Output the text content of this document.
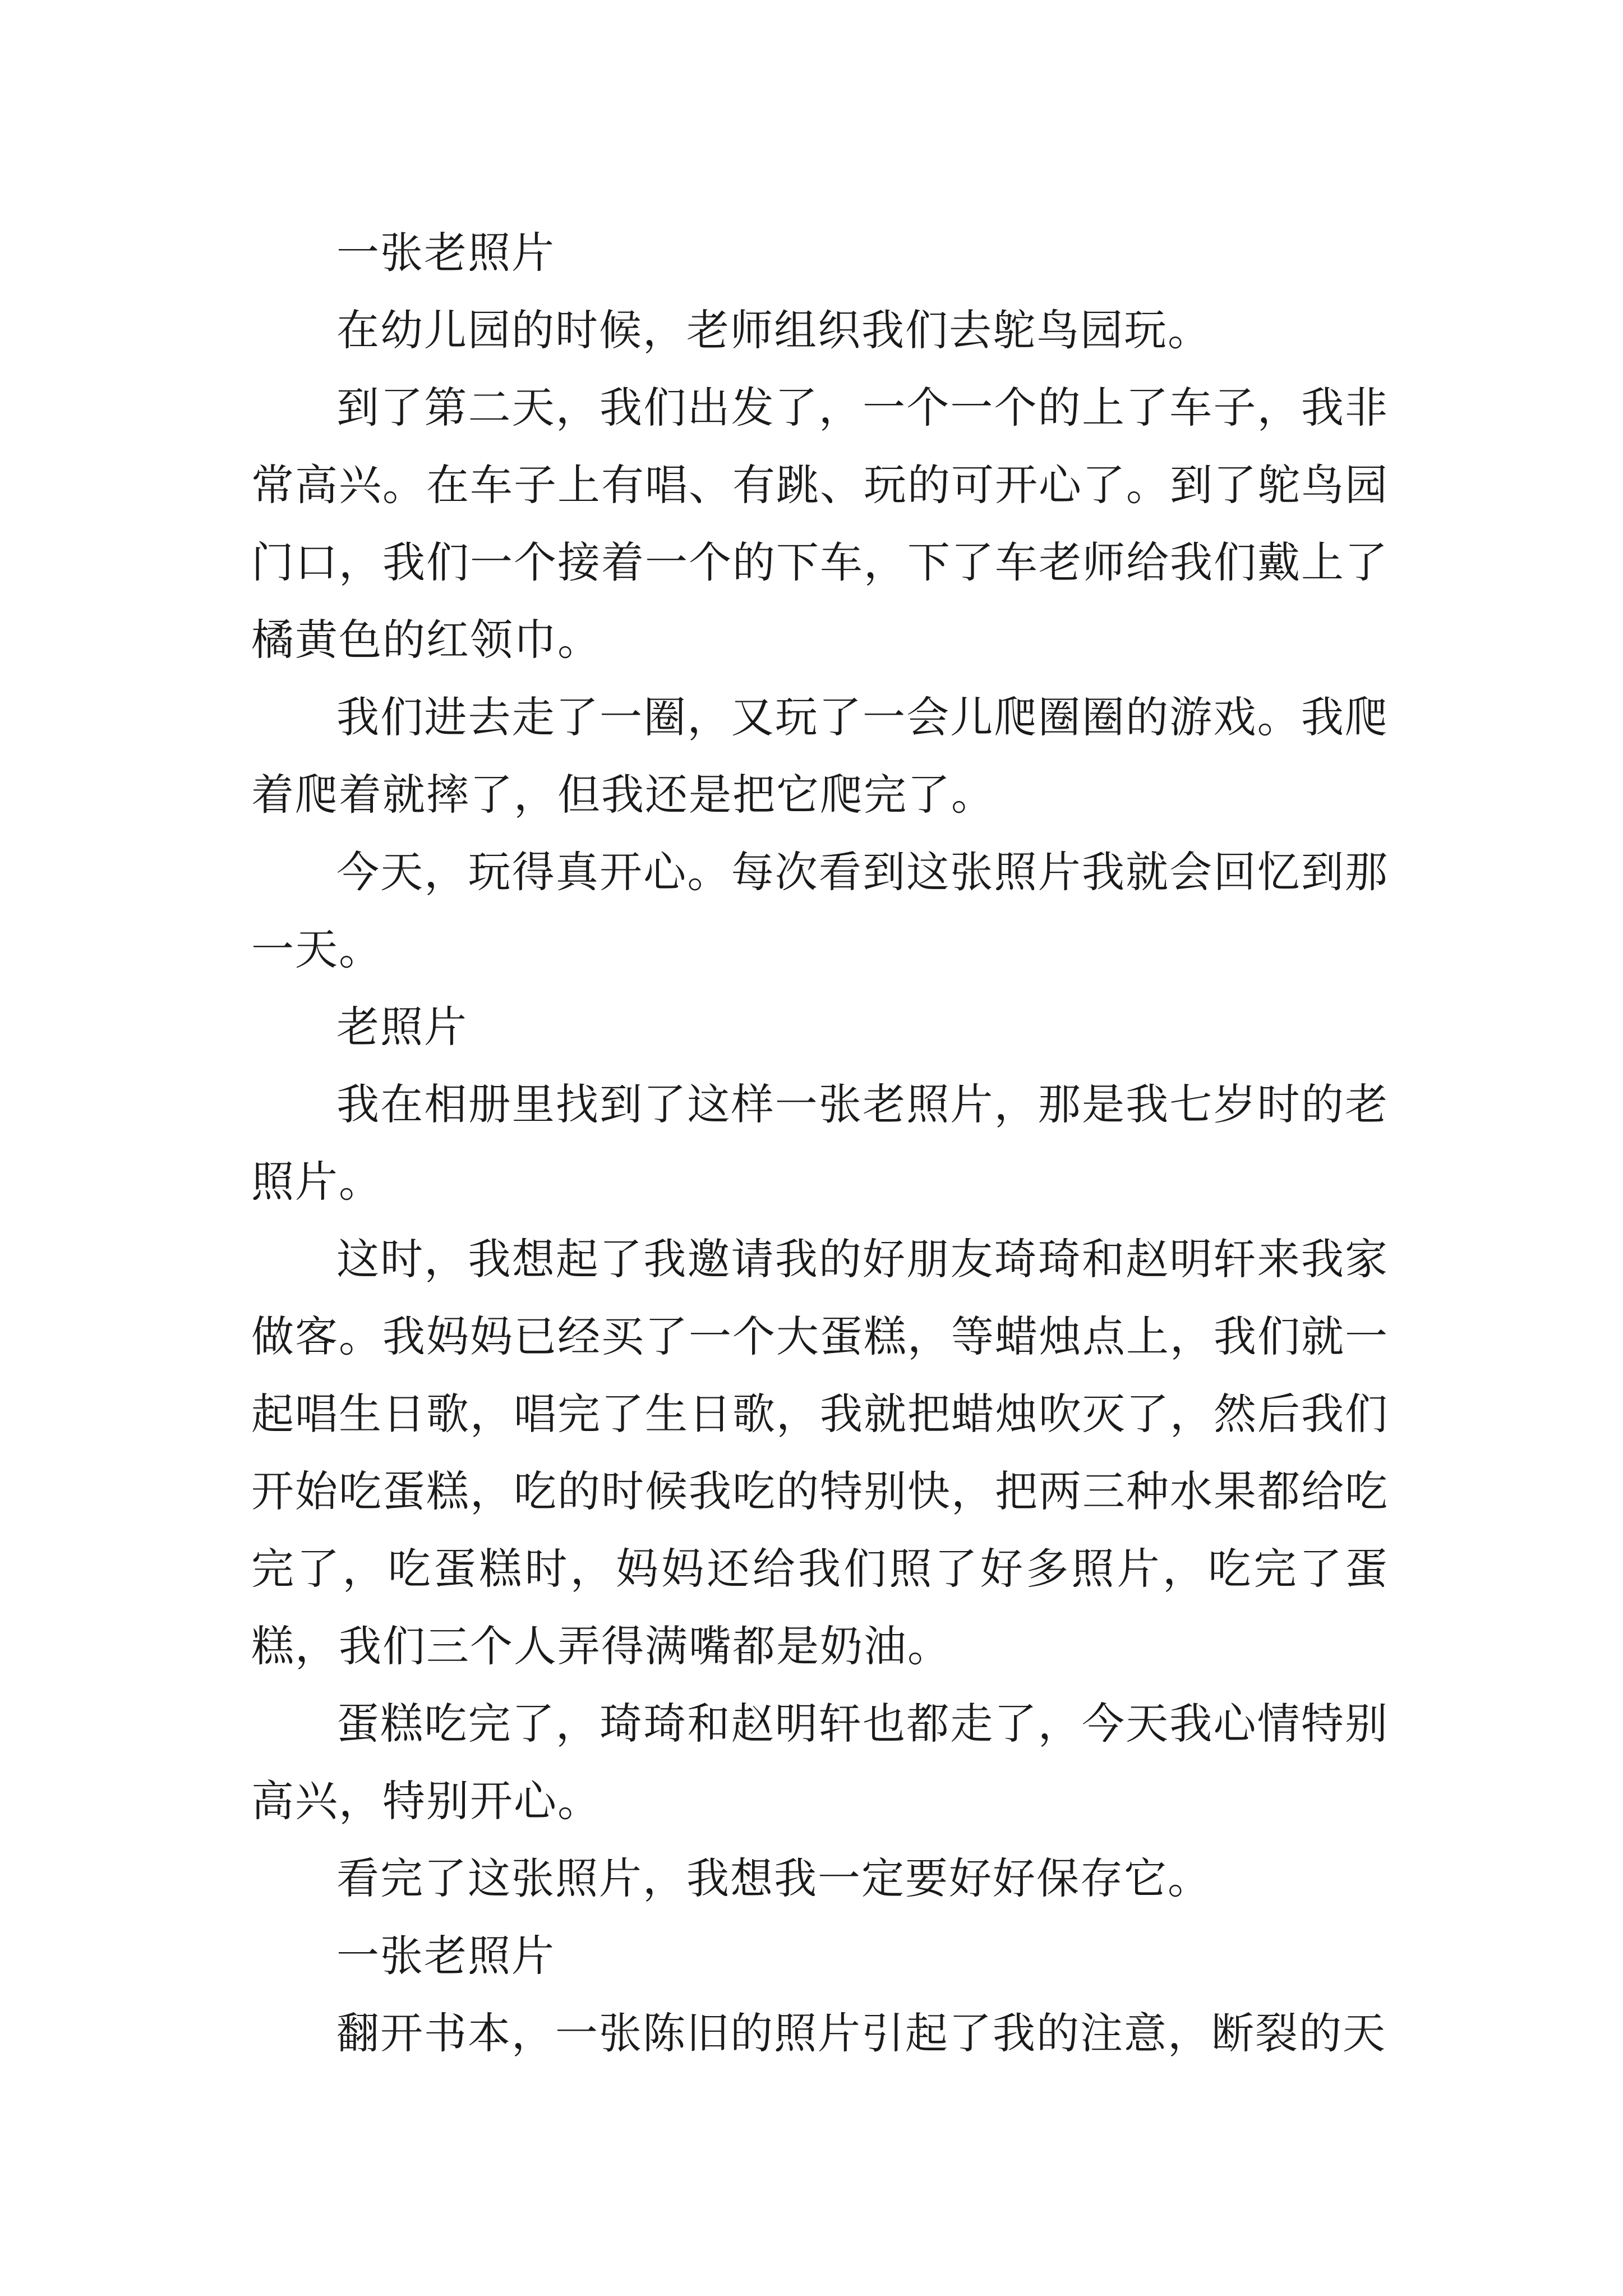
一张老照片

在幼儿园的时候，老师组织我们去鸵鸟园玩。

到了第二天，我们出发了，一个一个的上了车子，我非常高兴。在车子上有唱、有跳、玩的可开心了。到了鸵鸟园门口，我们一个接着一个的下车，下了车老师给我们戴上了橘黄色的红领巾。

我们进去走了一圈，又玩了一会儿爬圈圈的游戏。我爬着爬着就摔了，但我还是把它爬完了。

今天，玩得真开心。每次看到这张照片我就会回忆到那一天。

老照片

我在相册里找到了这样一张老照片，那是我七岁时的老照片。

这时，我想起了我邀请我的好朋友琦琦和赵明轩来我家做客。我妈妈已经买了一个大蛋糕，等蜡烛点上，我们就一起唱生日歌，唱完了生日歌，我就把蜡烛吹灭了，然后我们开始吃蛋糕，吃的时候我吃的特别快，把两三种水果都给吃完了，吃蛋糕时，妈妈还给我们照了好多照片，吃完了蛋糕，我们三个人弄得满嘴都是奶油。

蛋糕吃完了，琦琦和赵明轩也都走了，今天我心情特别高兴，特别开心。

看完了这张照片，我想我一定要好好保存它。

一张老照片

翻开书本，一张陈旧的照片引起了我的注意，断裂的天
